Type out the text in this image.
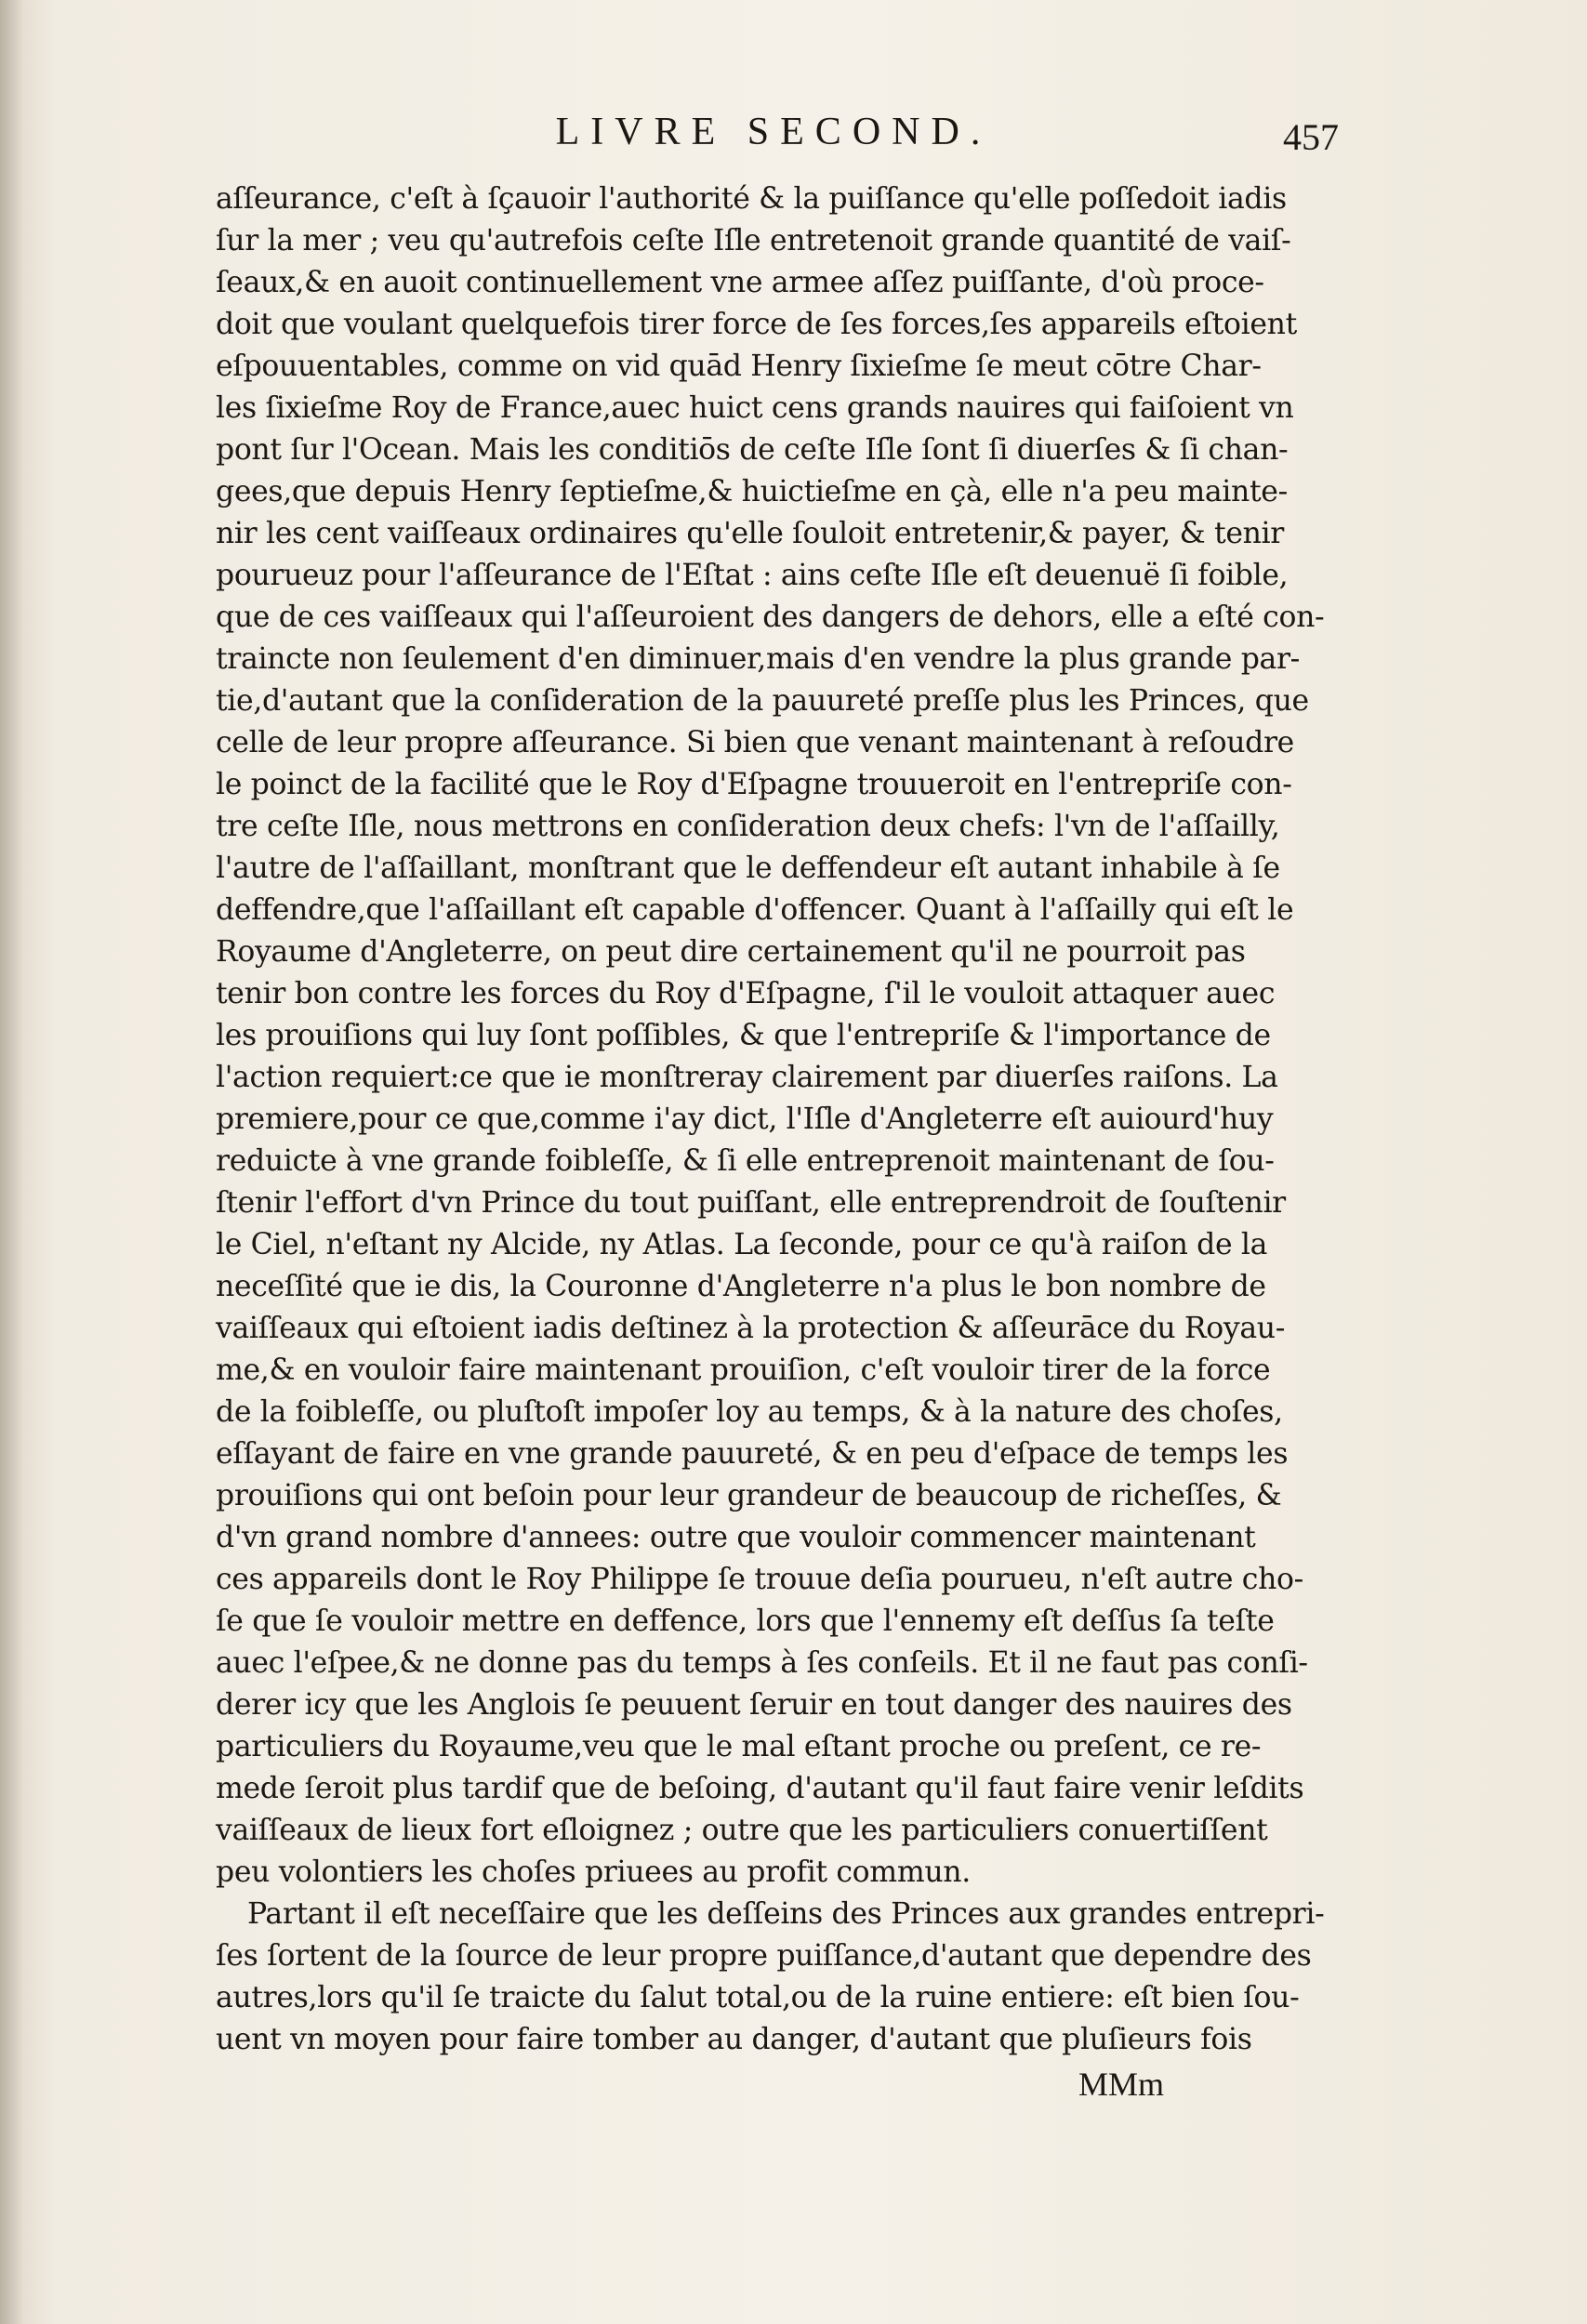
LIVRE SECOND.	457
aſſeurance, c'eſt à ſçauoir l'authorité & la puiſſance qu'elle poſſedoit iadis
ſur la mer ; veu qu'autrefois ceſte Iſle entretenoit grande quantité de vaiſ-
ſeaux,& en auoit continuellement vne armee aſſez puiſſante, d'où proce-
doit que voulant quelquefois tirer force de ſes forces,ſes appareils eſtoient
eſpouuentables, comme on vid quād Henry ſixieſme ſe meut cōtre Char-
les ſixieſme Roy de France,auec huict cens grands nauires qui faiſoient vn
pont ſur l'Ocean. Mais les conditiōs de ceſte Iſle ſont ſi diuerſes & ſi chan-
gees,que depuis Henry ſeptieſme,& huictieſme en çà, elle n'a peu mainte-
nir les cent vaiſſeaux ordinaires qu'elle ſouloit entretenir,& payer, & tenir
pourueuz pour l'aſſeurance de l'Eſtat : ains ceſte Iſle eſt deuenuë ſi foible,
que de ces vaiſſeaux qui l'aſſeuroient des dangers de dehors, elle a eſté con-
traincte non ſeulement d'en diminuer,mais d'en vendre la plus grande par-
tie,d'autant que la conſideration de la pauureté preſſe plus les Princes, que
celle de leur propre aſſeurance. Si bien que venant maintenant à reſoudre
le poinct de la facilité que le Roy d'Eſpagne trouueroit en l'entrepriſe con-
tre ceſte Iſle, nous mettrons en conſideration deux chefs: l'vn de l'aſſailly,
l'autre de l'aſſaillant, monſtrant que le deffendeur eſt autant inhabile à ſe
deffendre,que l'aſſaillant eſt capable d'offencer. Quant à l'aſſailly qui eſt le
Royaume d'Angleterre, on peut dire certainement qu'il ne pourroit pas
tenir bon contre les forces du Roy d'Eſpagne, ſ'il le vouloit attaquer auec
les prouiſions qui luy ſont poſſibles, & que l'entrepriſe & l'importance de
l'action requiert:ce que ie monſtreray clairement par diuerſes raiſons. La
premiere,pour ce que,comme i'ay dict, l'Iſle d'Angleterre eſt auiourd'huy
reduicte à vne grande foibleſſe, & ſi elle entreprenoit maintenant de ſou-
ſtenir l'effort d'vn Prince du tout puiſſant, elle entreprendroit de ſouſtenir
le Ciel, n'eſtant ny Alcide, ny Atlas. La ſeconde, pour ce qu'à raiſon de la
neceſſité que ie dis, la Couronne d'Angleterre n'a plus le bon nombre de
vaiſſeaux qui eſtoient iadis deſtinez à la protection & aſſeurāce du Royau-
me,& en vouloir faire maintenant prouiſion, c'eſt vouloir tirer de la force
de la foibleſſe, ou pluſtoſt impoſer loy au temps, & à la nature des choſes,
eſſayant de faire en vne grande pauureté, & en peu d'eſpace de temps les
prouiſions qui ont beſoin pour leur grandeur de beaucoup de richeſſes, &
d'vn grand nombre d'annees: outre que vouloir commencer maintenant
ces appareils dont le Roy Philippe ſe trouue deſia pourueu, n'eſt autre cho-
ſe que ſe vouloir mettre en deffence, lors que l'ennemy eſt deſſus ſa teſte
auec l'eſpee,& ne donne pas du temps à ſes conſeils. Et il ne faut pas conſi-
derer icy que les Anglois ſe peuuent ſeruir en tout danger des nauires des
particuliers du Royaume,veu que le mal eſtant proche ou preſent, ce re-
mede ſeroit plus tardif que de beſoing, d'autant qu'il faut faire venir leſdits
vaiſſeaux de lieux fort eſloignez ; outre que les particuliers conuertiſſent
peu volontiers les choſes priuees au profit commun.
Partant il eſt neceſſaire que les deſſeins des Princes aux grandes entrepri-
ſes ſortent de la ſource de leur propre puiſſance,d'autant que dependre des
autres,lors qu'il ſe traicte du ſalut total,ou de la ruine entiere: eſt bien ſou-
uent vn moyen pour faire tomber au danger, d'autant que pluſieurs fois
MMm
